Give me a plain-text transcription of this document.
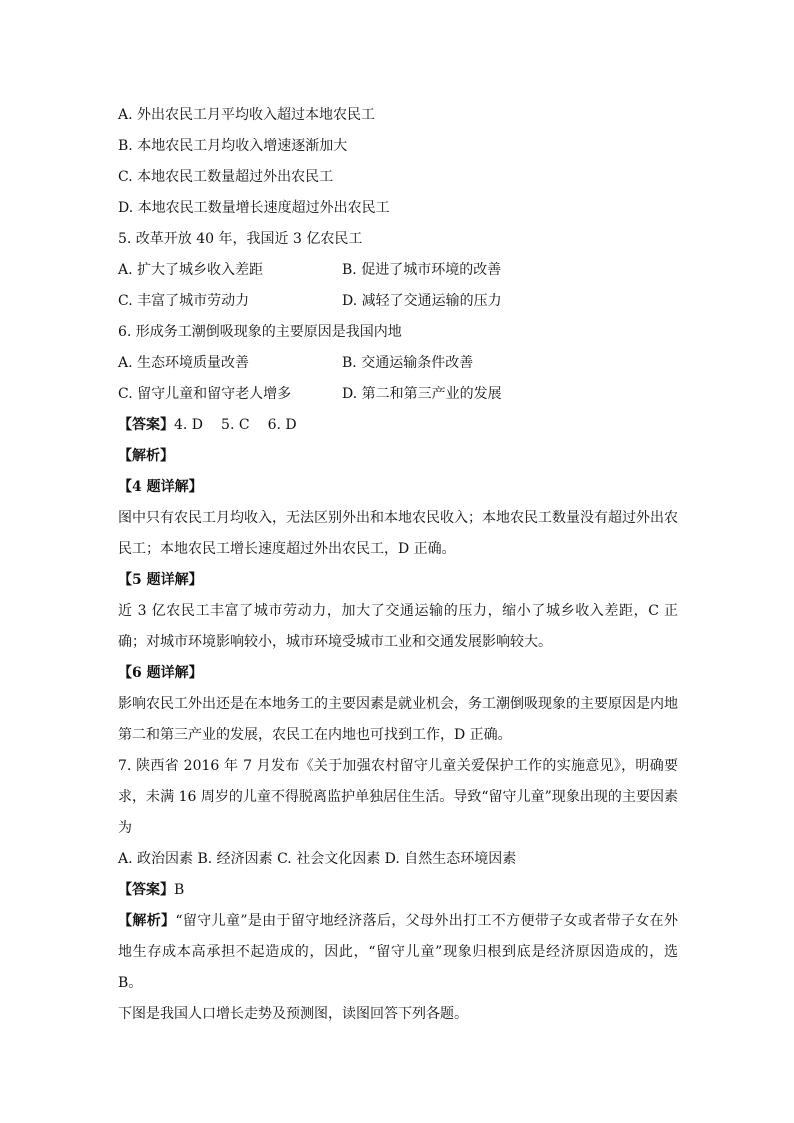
A. 外出农民工月平均收入超过本地农民工
B. 本地农民工月均收入增速逐渐加大
C. 本地农民工数量超过外出农民工
D. 本地农民工数量增长速度超过外出农民工
5. 改革开放 40 年，我国近 3 亿农民工
A. 扩大了城乡收入差距	B. 促进了城市环境的改善
C. 丰富了城市劳动力	D. 减轻了交通运输的压力
6. 形成务工潮倒吸现象的主要原因是我国内地
A. 生态环境质量改善	B. 交通运输条件改善
C. 留守儿童和留守老人增多	D. 第二和第三产业的发展
【答案】4. D 5. C 6. D
【解析】
【4 题详解】
图中只有农民工月均收入，无法区别外出和本地农民收入；本地农民工数量没有超过外出农民工；本地农民工增长速度超过外出农民工，D 正确。
【5 题详解】
近 3 亿农民工丰富了城市劳动力，加大了交通运输的压力，缩小了城乡收入差距，C 正确；对城市环境影响较小，城市环境受城市工业和交通发展影响较大。
【6 题详解】
影响农民工外出还是在本地务工的主要因素是就业机会，务工潮倒吸现象的主要原因是内地第二和第三产业的发展，农民工在内地也可找到工作，D 正确。
7. 陕西省 2016 年 7 月发布《关于加强农村留守儿童关爱保护工作的实施意见》，明确要求，未满 16 周岁的儿童不得脱离监护单独居住生活。导致“留守儿童”现象出现的主要因素为
A. 政治因素 B. 经济因素 C. 社会文化因素 D. 自然生态环境因素
【答案】B
【解析】“留守儿童”是由于留守地经济落后，父母外出打工不方便带子女或者带子女在外地生存成本高承担不起造成的，因此，“留守儿童”现象归根到底是经济原因造成的，选 B。
下图是我国人口增长走势及预测图，读图回答下列各题。
